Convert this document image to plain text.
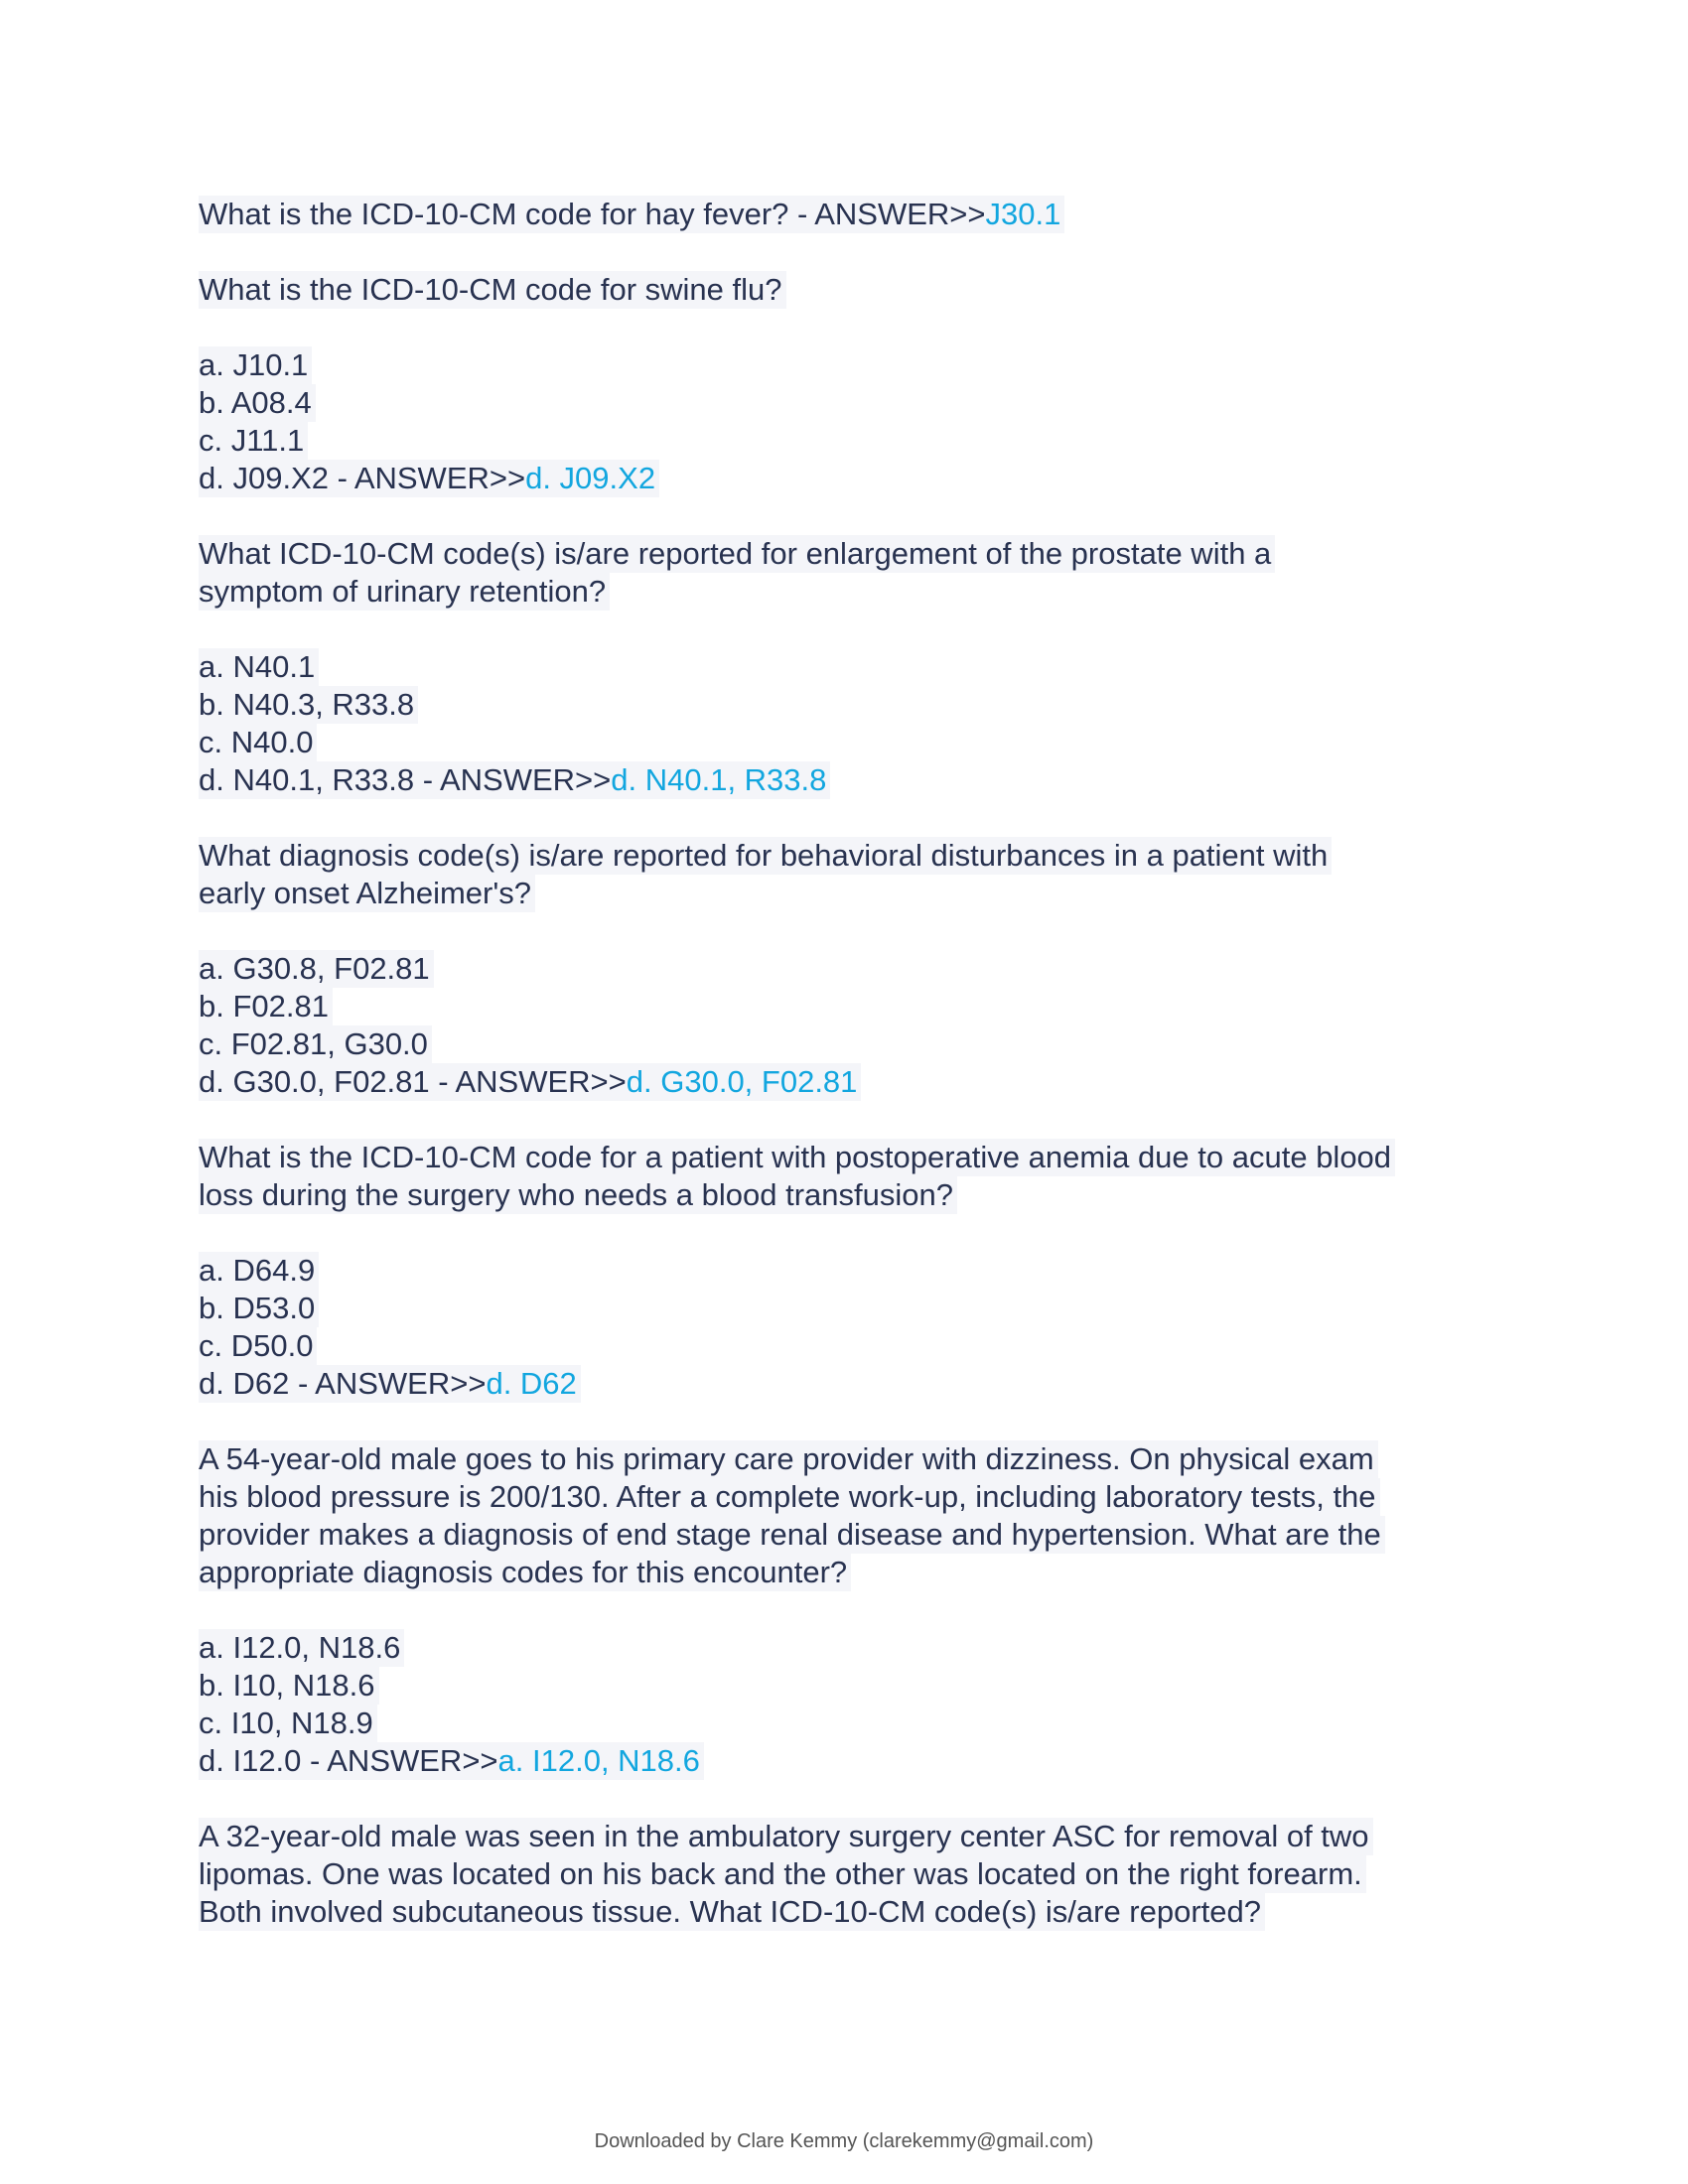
What is the ICD-10-CM code for hay fever? - ANSWER>>J30.1
What is the ICD-10-CM code for swine flu?
a. J10.1
b. A08.4
c. J11.1
d. J09.X2 - ANSWER>>d. J09.X2
What ICD-10-CM code(s) is/are reported for enlargement of the prostate with a
symptom of urinary retention?
a. N40.1
b. N40.3, R33.8
c. N40.0
d. N40.1, R33.8 - ANSWER>>d. N40.1, R33.8
What diagnosis code(s) is/are reported for behavioral disturbances in a patient with
early onset Alzheimer's?
a. G30.8, F02.81
b. F02.81
c. F02.81, G30.0
d. G30.0, F02.81 - ANSWER>>d. G30.0, F02.81
What is the ICD-10-CM code for a patient with postoperative anemia due to acute blood
loss during the surgery who needs a blood transfusion?
a. D64.9
b. D53.0
c. D50.0
d. D62 - ANSWER>>d. D62
A 54-year-old male goes to his primary care provider with dizziness. On physical exam
his blood pressure is 200/130. After a complete work-up, including laboratory tests, the
provider makes a diagnosis of end stage renal disease and hypertension. What are the
appropriate diagnosis codes for this encounter?
a. I12.0, N18.6
b. I10, N18.6
c. I10, N18.9
d. I12.0 - ANSWER>>a. I12.0, N18.6
A 32-year-old male was seen in the ambulatory surgery center ASC for removal of two
lipomas. One was located on his back and the other was located on the right forearm.
Both involved subcutaneous tissue. What ICD-10-CM code(s) is/are reported?
Downloaded by Clare Kemmy (clarekemmy@gmail.com)
